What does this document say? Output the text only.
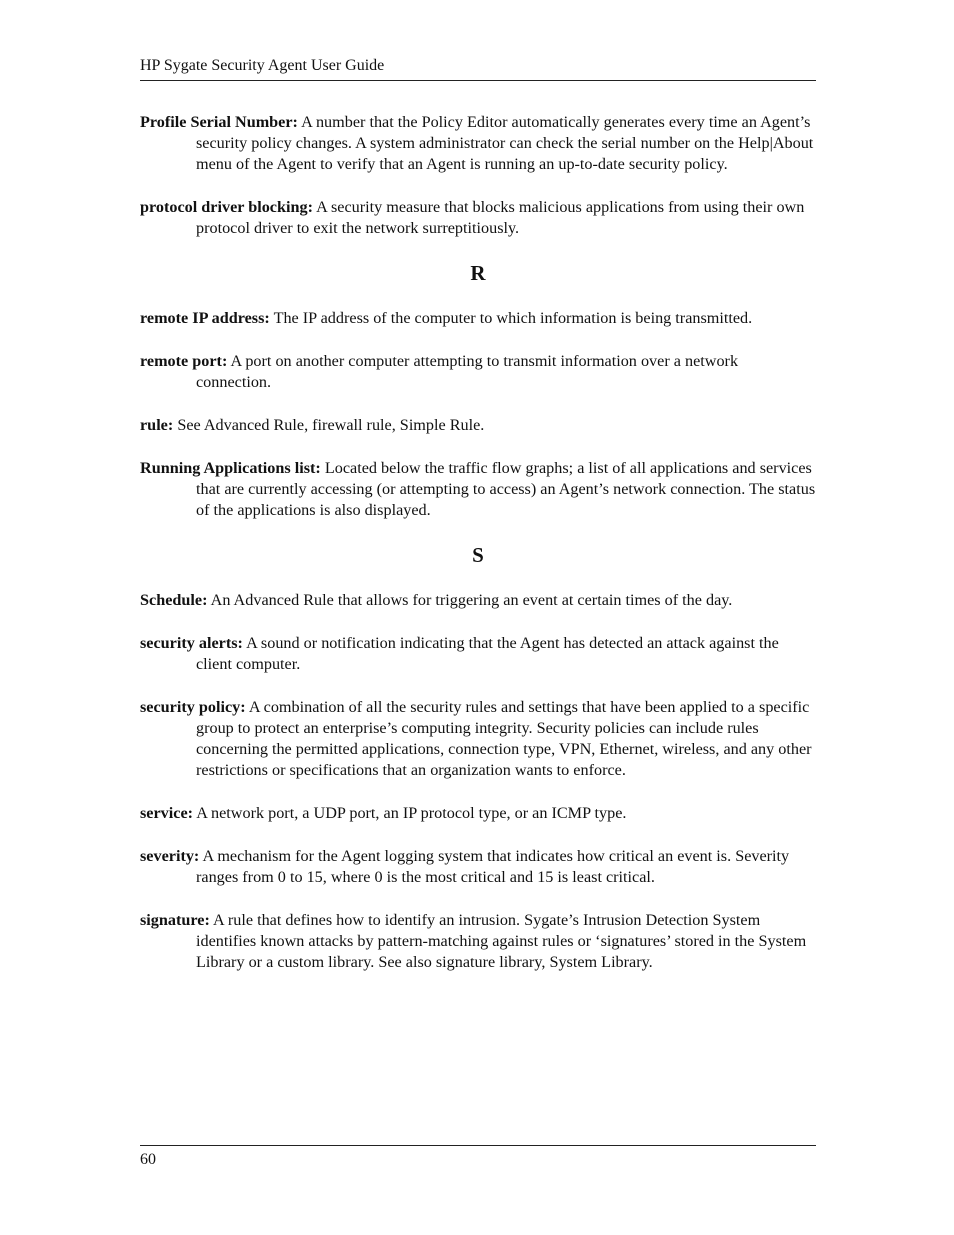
HP Sygate Security Agent User Guide

Profile Serial Number: A number that the Policy Editor automatically generates every time an Agent’s security policy changes. A system administrator can check the serial number on the Help|About menu of the Agent to verify that an Agent is running an up-to-date security policy.

protocol driver blocking: A security measure that blocks malicious applications from using their own protocol driver to exit the network surreptitiously.

R

remote IP address: The IP address of the computer to which information is being transmitted.

remote port: A port on another computer attempting to transmit information over a network connection.

rule: See Advanced Rule, firewall rule, Simple Rule.

Running Applications list: Located below the traffic flow graphs; a list of all applications and services that are currently accessing (or attempting to access) an Agent’s network connection. The status of the applications is also displayed.

S

Schedule: An Advanced Rule that allows for triggering an event at certain times of the day.

security alerts: A sound or notification indicating that the Agent has detected an attack against the client computer.

security policy: A combination of all the security rules and settings that have been applied to a specific group to protect an enterprise’s computing integrity. Security policies can include rules concerning the permitted applications, connection type, VPN, Ethernet, wireless, and any other restrictions or specifications that an organization wants to enforce.

service: A network port, a UDP port, an IP protocol type, or an ICMP type.

severity: A mechanism for the Agent logging system that indicates how critical an event is. Severity ranges from 0 to 15, where 0 is the most critical and 15 is least critical.

signature: A rule that defines how to identify an intrusion. Sygate’s Intrusion Detection System identifies known attacks by pattern-matching against rules or ‘signatures’ stored in the System Library or a custom library. See also signature library, System Library.

60
